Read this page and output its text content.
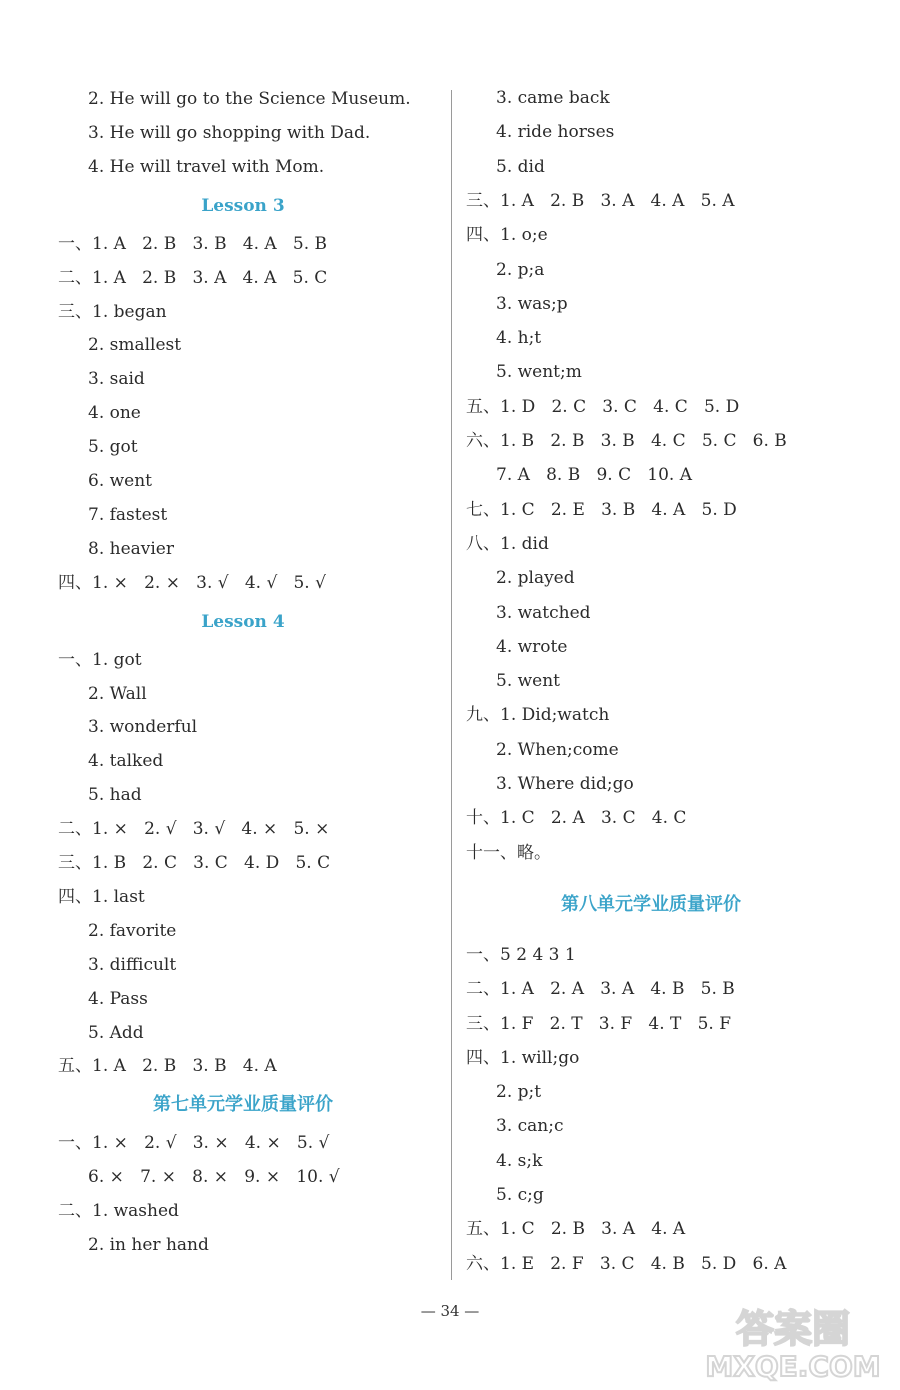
2. He will go to the Science Museum.
3. He will go shopping with Dad.
4. He will travel with Mom.
Lesson 3
一、1. A   2. B   3. B   4. A   5. B
二、1. A   2. B   3. A   4. A   5. C
三、1. began
2. smallest
3. said
4. one
5. got
6. went
7. fastest
8. heavier
四、1. ×   2. ×   3. √   4. √   5. √
Lesson 4
一、1. got
2. Wall
3. wonderful
4. talked
5. had
二、1. ×   2. √   3. √   4. ×   5. ×
三、1. B   2. C   3. C   4. D   5. C
四、1. last
2. favorite
3. difficult
4. Pass
5. Add
五、1. A   2. B   3. B   4. A
第七单元学业质量评价
一、1. ×   2. √   3. ×   4. ×   5. √
6. ×   7. ×   8. ×   9. ×   10. √
二、1. washed
2. in her hand
3. came back
4. ride horses
5. did
三、1. A   2. B   3. A   4. A   5. A
四、1. o;e
2. p;a
3. was;p
4. h;t
5. went;m
五、1. D   2. C   3. C   4. C   5. D
六、1. B   2. B   3. B   4. C   5. C   6. B
7. A   8. B   9. C   10. A
七、1. C   2. E   3. B   4. A   5. D
八、1. did
2. played
3. watched
4. wrote
5. went
九、1. Did;watch
2. When;come
3. Where did;go
十、1. C   2. A   3. C   4. C
十一、略。
第八单元学业质量评价
一、5 2 4 3 1
二、1. A   2. A   3. A   4. B   5. B
三、1. F   2. T   3. F   4. T   5. F
四、1. will;go
2. p;t
3. can;c
4. s;k
5. c;g
五、1. C   2. B   3. A   4. A
六、1. E   2. F   3. C   4. B   5. D   6. A
— 34 —	答案圈
MXQE.COM
